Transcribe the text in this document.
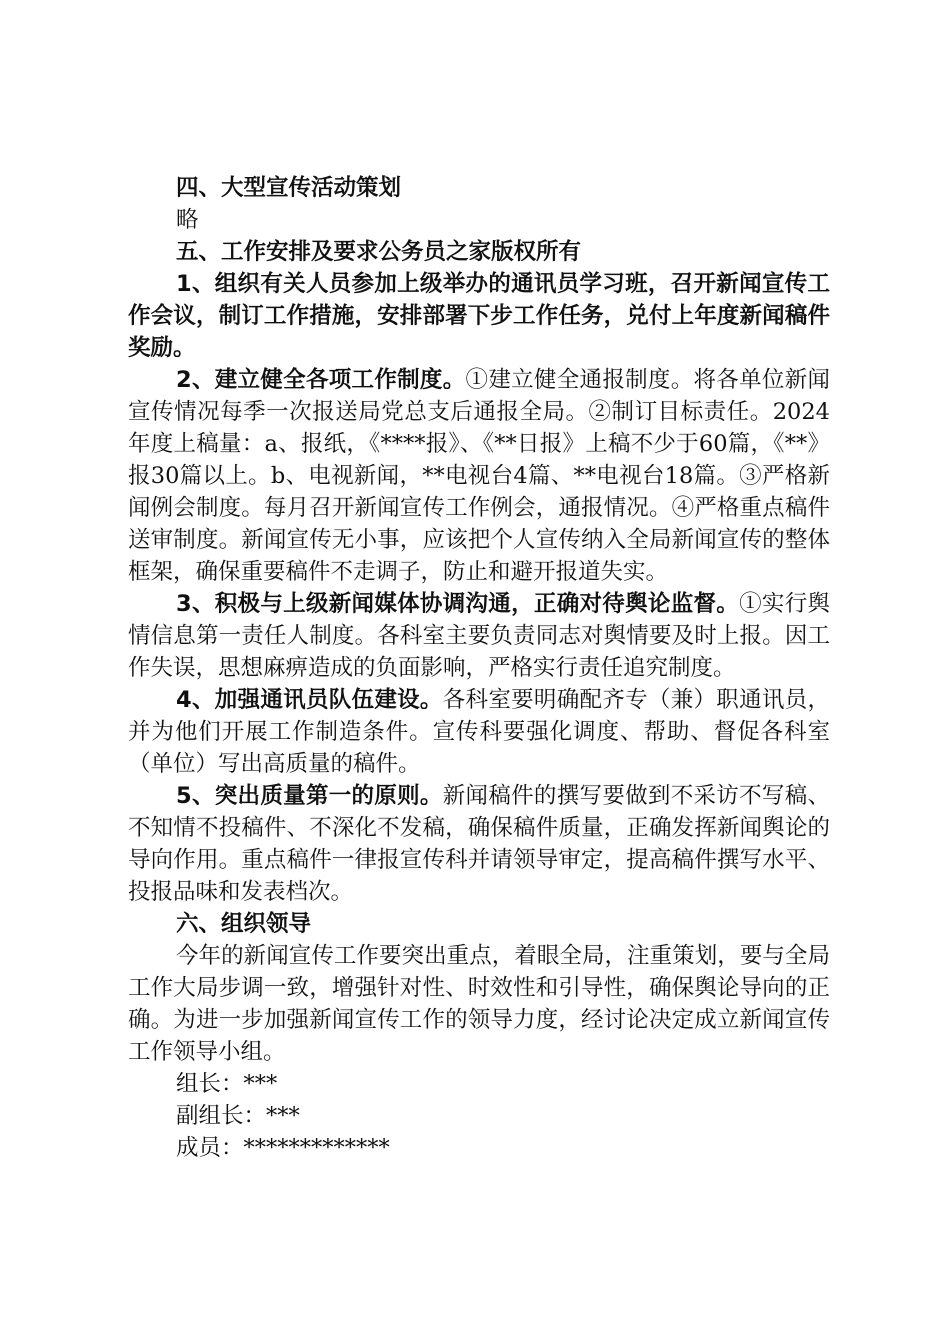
四、大型宣传活动策划

略

五、工作安排及要求公务员之家版权所有

1、组织有关人员参加上级举办的通讯员学习班，召开新闻宣传工作会议，制订工作措施，安排部署下步工作任务，兑付上年度新闻稿件奖励。

2、建立健全各项工作制度。①建立健全通报制度。将各单位新闻宣传情况每季一次报送局党总支后通报全局。②制订目标责任。2024年度上稿量：a、报纸，《****报》、《**日报》上稿不少于60篇，《**》报30篇以上。b、电视新闻，**电视台4篇、**电视台18篇。③严格新闻例会制度。每月召开新闻宣传工作例会，通报情况。④严格重点稿件送审制度。新闻宣传无小事，应该把个人宣传纳入全局新闻宣传的整体框架，确保重要稿件不走调子，防止和避开报道失实。

3、积极与上级新闻媒体协调沟通，正确对待舆论监督。①实行舆情信息第一责任人制度。各科室主要负责同志对舆情要及时上报。因工作失误，思想麻痹造成的负面影响，严格实行责任追究制度。

4、加强通讯员队伍建设。各科室要明确配齐专（兼）职通讯员，并为他们开展工作制造条件。宣传科要强化调度、帮助、督促各科室（单位）写出高质量的稿件。

5、突出质量第一的原则。新闻稿件的撰写要做到不采访不写稿、不知情不投稿件、不深化不发稿，确保稿件质量，正确发挥新闻舆论的导向作用。重点稿件一律报宣传科并请领导审定，提高稿件撰写水平、投报品味和发表档次。

六、组织领导

今年的新闻宣传工作要突出重点，着眼全局，注重策划，要与全局工作大局步调一致，增强针对性、时效性和引导性，确保舆论导向的正确。为进一步加强新闻宣传工作的领导力度，经讨论决定成立新闻宣传工作领导小组。

组长：***

副组长：***

成员：*************
